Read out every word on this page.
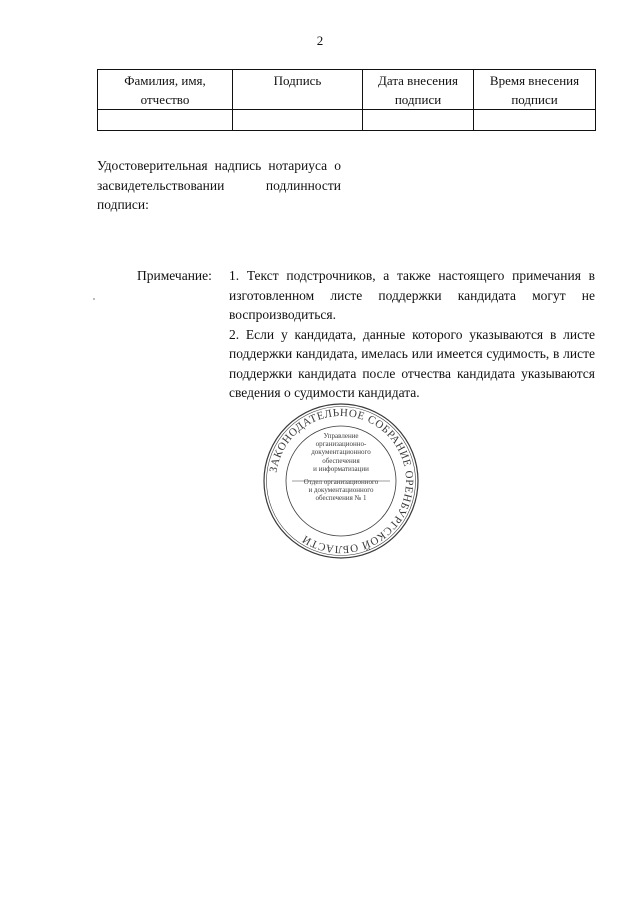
2
Фамилия, имя, отчество	Подпись	Дата внесения подписи	Время внесения подписи

Удостоверительная надпись нотариуса о засвидетельствовании подлинности подписи:
Примечание: 1. Текст подстрочников, а также настоящего примечания в изготовленном листе поддержки кандидата могут не воспроизводиться.

2. Если у кандидата, данные которого указываются в листе поддержки кандидата, имелась или имеется судимость, в листе поддержки кандидата после отчества кандидата указываются сведения о судимости кандидата.

ЗАКОНОДАТЕЛЬНОЕ СОБРАНИЕ ОРЕНБУРГСКОЙ ОБЛАСТИ
Управление
организационно-
документационного
обеспечения
и информатизации
Отдел организационного
и документационного
обеспечения № 1
